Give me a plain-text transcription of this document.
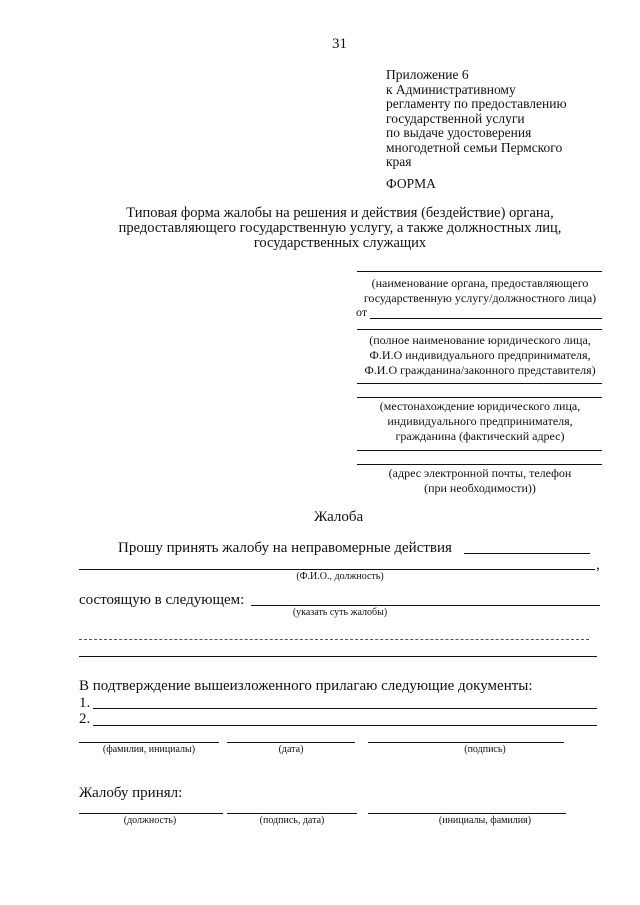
31
Приложение 6
к Административному
регламенту по предоставлению
государственной услуги
по выдаче удостоверения
многодетной семьи Пермского
края
ФОРМА
Типовая форма жалобы на решения и действия (бездействие) органа, предоставляющего государственную услугу, а также должностных лиц, государственных служащих
(наименование органа, предоставляющего
государственную услугу/должностного лица)
от
(полное наименование юридического лица,
Ф.И.О индивидуального предпринимателя,
Ф.И.О гражданина/законного представителя)
(местонахождение юридического лица,
индивидуального предпринимателя,
гражданина (фактический адрес)
(адрес электронной почты, телефон
(при необходимости))
Жалоба
Прошу принять жалобу на неправомерные действия
,
(Ф.И.О., должность)
состоящую в следующем:
(указать суть жалобы)
В подтверждение вышеизложенного прилагаю следующие документы:
1.
2.
(фамилия, инициалы)	(дата)	(подпись)
Жалобу принял:
(должность)	(подпись, дата)	(инициалы, фамилия)
